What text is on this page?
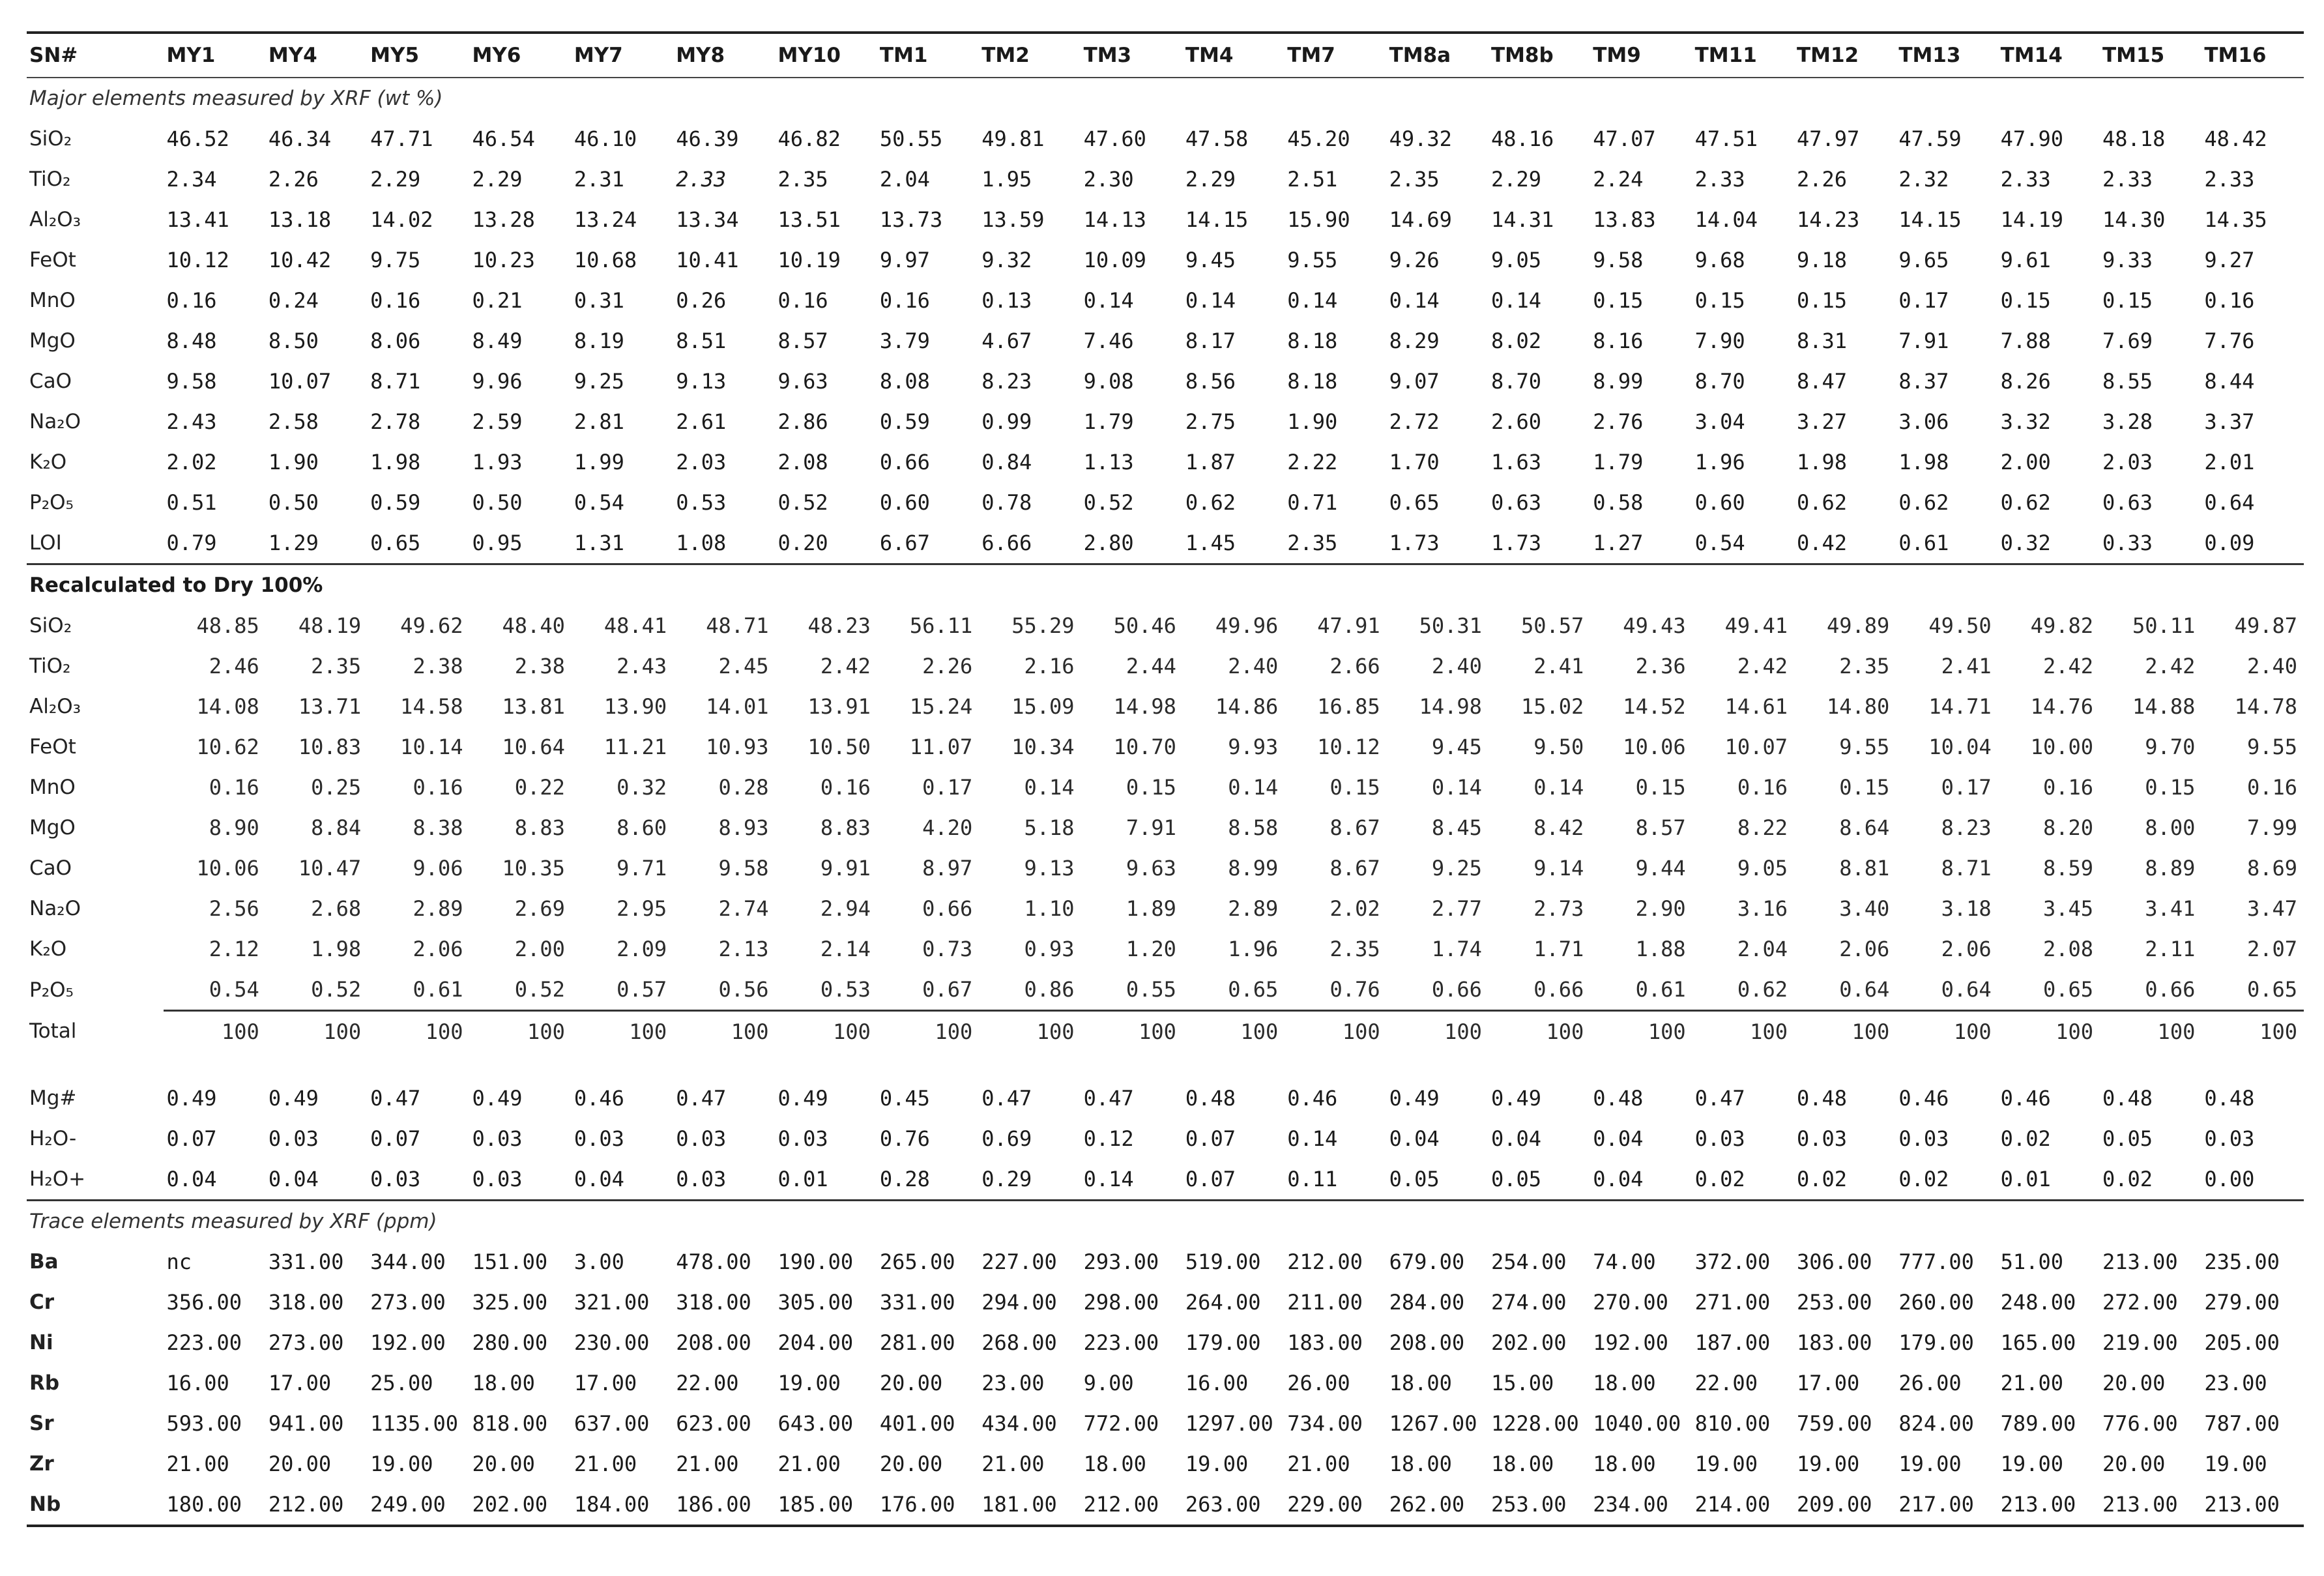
SN#	MY1	MY4	MY5	MY6	MY7	MY8	MY10	TM1	TM2	TM3	TM4	TM7	TM8a	TM8b	TM9	TM11	TM12	TM13	TM14	TM15	TM16
Major elements measured by XRF (wt %)																					
SiO₂	46.52	46.34	47.71	46.54	46.10	46.39	46.82	50.55	49.81	47.60	47.58	45.20	49.32	48.16	47.07	47.51	47.97	47.59	47.90	48.18	48.42
TiO₂	2.34	2.26	2.29	2.29	2.31	2.33	2.35	2.04	1.95	2.30	2.29	2.51	2.35	2.29	2.24	2.33	2.26	2.32	2.33	2.33	2.33
Al₂O₃	13.41	13.18	14.02	13.28	13.24	13.34	13.51	13.73	13.59	14.13	14.15	15.90	14.69	14.31	13.83	14.04	14.23	14.15	14.19	14.30	14.35
FeOt	10.12	10.42	9.75	10.23	10.68	10.41	10.19	9.97	9.32	10.09	9.45	9.55	9.26	9.05	9.58	9.68	9.18	9.65	9.61	9.33	9.27
MnO	0.16	0.24	0.16	0.21	0.31	0.26	0.16	0.16	0.13	0.14	0.14	0.14	0.14	0.14	0.15	0.15	0.15	0.17	0.15	0.15	0.16
MgO	8.48	8.50	8.06	8.49	8.19	8.51	8.57	3.79	4.67	7.46	8.17	8.18	8.29	8.02	8.16	7.90	8.31	7.91	7.88	7.69	7.76
CaO	9.58	10.07	8.71	9.96	9.25	9.13	9.63	8.08	8.23	9.08	8.56	8.18	9.07	8.70	8.99	8.70	8.47	8.37	8.26	8.55	8.44
Na₂O	2.43	2.58	2.78	2.59	2.81	2.61	2.86	0.59	0.99	1.79	2.75	1.90	2.72	2.60	2.76	3.04	3.27	3.06	3.32	3.28	3.37
K₂O	2.02	1.90	1.98	1.93	1.99	2.03	2.08	0.66	0.84	1.13	1.87	2.22	1.70	1.63	1.79	1.96	1.98	1.98	2.00	2.03	2.01
P₂O₅	0.51	0.50	0.59	0.50	0.54	0.53	0.52	0.60	0.78	0.52	0.62	0.71	0.65	0.63	0.58	0.60	0.62	0.62	0.62	0.63	0.64
LOI	0.79	1.29	0.65	0.95	1.31	1.08	0.20	6.67	6.66	2.80	1.45	2.35	1.73	1.73	1.27	0.54	0.42	0.61	0.32	0.33	0.09
Recalculated to Dry 100%																					
SiO₂	48.85	48.19	49.62	48.40	48.41	48.71	48.23	56.11	55.29	50.46	49.96	47.91	50.31	50.57	49.43	49.41	49.89	49.50	49.82	50.11	49.87
TiO₂	2.46	2.35	2.38	2.38	2.43	2.45	2.42	2.26	2.16	2.44	2.40	2.66	2.40	2.41	2.36	2.42	2.35	2.41	2.42	2.42	2.40
Al₂O₃	14.08	13.71	14.58	13.81	13.90	14.01	13.91	15.24	15.09	14.98	14.86	16.85	14.98	15.02	14.52	14.61	14.80	14.71	14.76	14.88	14.78
FeOt	10.62	10.83	10.14	10.64	11.21	10.93	10.50	11.07	10.34	10.70	9.93	10.12	9.45	9.50	10.06	10.07	9.55	10.04	10.00	9.70	9.55
MnO	0.16	0.25	0.16	0.22	0.32	0.28	0.16	0.17	0.14	0.15	0.14	0.15	0.14	0.14	0.15	0.16	0.15	0.17	0.16	0.15	0.16
MgO	8.90	8.84	8.38	8.83	8.60	8.93	8.83	4.20	5.18	7.91	8.58	8.67	8.45	8.42	8.57	8.22	8.64	8.23	8.20	8.00	7.99
CaO	10.06	10.47	9.06	10.35	9.71	9.58	9.91	8.97	9.13	9.63	8.99	8.67	9.25	9.14	9.44	9.05	8.81	8.71	8.59	8.89	8.69
Na₂O	2.56	2.68	2.89	2.69	2.95	2.74	2.94	0.66	1.10	1.89	2.89	2.02	2.77	2.73	2.90	3.16	3.40	3.18	3.45	3.41	3.47
K₂O	2.12	1.98	2.06	2.00	2.09	2.13	2.14	0.73	0.93	1.20	1.96	2.35	1.74	1.71	1.88	2.04	2.06	2.06	2.08	2.11	2.07
P₂O₅	0.54	0.52	0.61	0.52	0.57	0.56	0.53	0.67	0.86	0.55	0.65	0.76	0.66	0.66	0.61	0.62	0.64	0.64	0.65	0.66	0.65
Total	100	100	100	100	100	100	100	100	100	100	100	100	100	100	100	100	100	100	100	100	100

Mg#	0.49	0.49	0.47	0.49	0.46	0.47	0.49	0.45	0.47	0.47	0.48	0.46	0.49	0.49	0.48	0.47	0.48	0.46	0.46	0.48	0.48
H₂O-	0.07	0.03	0.07	0.03	0.03	0.03	0.03	0.76	0.69	0.12	0.07	0.14	0.04	0.04	0.04	0.03	0.03	0.03	0.02	0.05	0.03
H₂O+	0.04	0.04	0.03	0.03	0.04	0.03	0.01	0.28	0.29	0.14	0.07	0.11	0.05	0.05	0.04	0.02	0.02	0.02	0.01	0.02	0.00
Trace elements measured by XRF (ppm)																					
Ba	nc	331.00	344.00	151.00	3.00	478.00	190.00	265.00	227.00	293.00	519.00	212.00	679.00	254.00	74.00	372.00	306.00	777.00	51.00	213.00	235.00
Cr	356.00	318.00	273.00	325.00	321.00	318.00	305.00	331.00	294.00	298.00	264.00	211.00	284.00	274.00	270.00	271.00	253.00	260.00	248.00	272.00	279.00
Ni	223.00	273.00	192.00	280.00	230.00	208.00	204.00	281.00	268.00	223.00	179.00	183.00	208.00	202.00	192.00	187.00	183.00	179.00	165.00	219.00	205.00
Rb	16.00	17.00	25.00	18.00	17.00	22.00	19.00	20.00	23.00	9.00	16.00	26.00	18.00	15.00	18.00	22.00	17.00	26.00	21.00	20.00	23.00
Sr	593.00	941.00	1135.00	818.00	637.00	623.00	643.00	401.00	434.00	772.00	1297.00	734.00	1267.00	1228.00	1040.00	810.00	759.00	824.00	789.00	776.00	787.00
Zr	21.00	20.00	19.00	20.00	21.00	21.00	21.00	20.00	21.00	18.00	19.00	21.00	18.00	18.00	18.00	19.00	19.00	19.00	19.00	20.00	19.00
Nb	180.00	212.00	249.00	202.00	184.00	186.00	185.00	176.00	181.00	212.00	263.00	229.00	262.00	253.00	234.00	214.00	209.00	217.00	213.00	213.00	213.00
